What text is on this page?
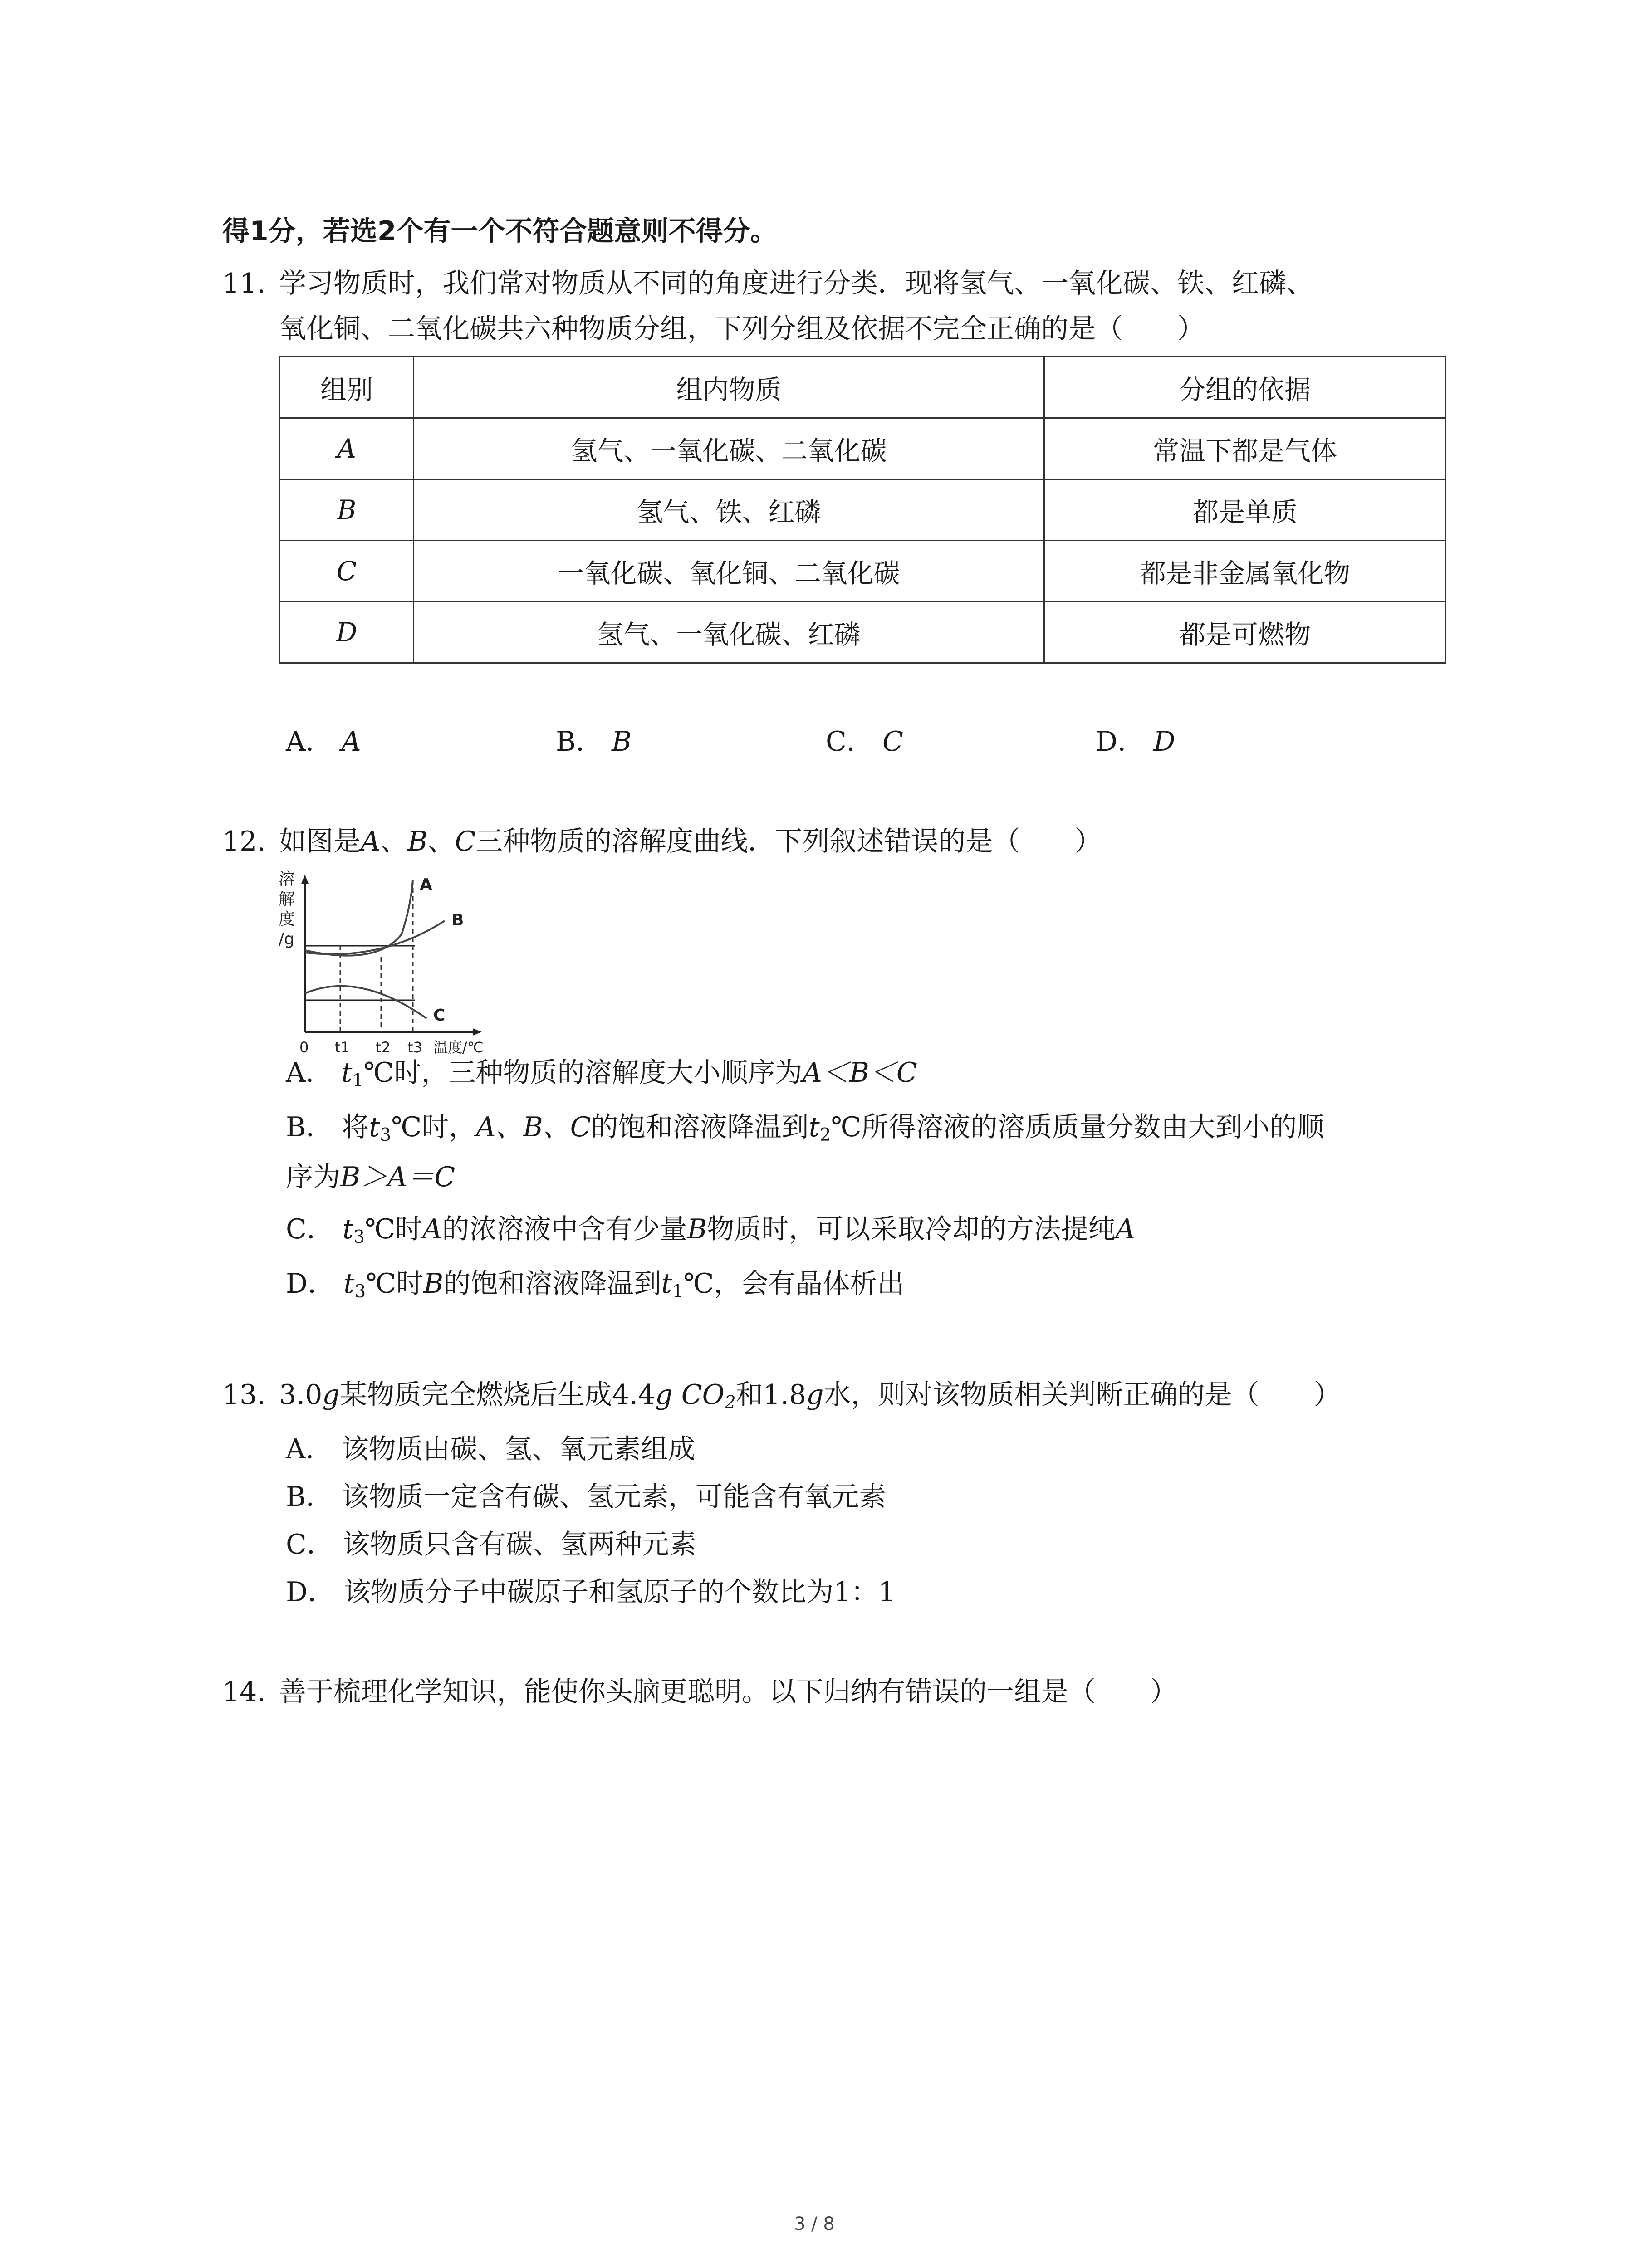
得1分，若选2个有一个不符合题意则不得分。
11. 学习物质时，我们常对物质从不同的角度进行分类．现将氢气、一氧化碳、铁、红磷、
氧化铜、二氧化碳共六种物质分组，下列分组及依据不完全正确的是（　　）
组别	组内物质	分组的依据
A	氢气、一氧化碳、二氧化碳	常温下都是气体
B	氢气、铁、红磷	都是单质
C	一氧化碳、氧化铜、二氧化碳	都是非金属氧化物
D	氢气、一氧化碳、红磷	都是可燃物
A． A	B． B	C． C	D． D
12. 如图是A、B、C三种物质的溶解度曲线．下列叙述错误的是（　　）
溶
解
度
/g
A
B
C
0 t1 t2 t3 温度/℃
A． $t_1℃$时，三种物质的溶解度大小顺序为A＜B＜C
B． 将$t_3℃$时，A、B、C的饱和溶液降温到$t_2℃$所得溶液的溶质质量分数由大到小的顺
序为B＞A＝C
C． $t_3℃$时A的浓溶液中含有少量B物质时，可以采取冷却的方法提纯A
D． $t_3℃$时B的饱和溶液降温到$t_1℃$，会有晶体析出
13. 3.0g某物质完全燃烧后生成4.4g $CO_2$和1.8g水，则对该物质相关判断正确的是（　　）
A． 该物质由碳、氢、氧元素组成
B． 该物质一定含有碳、氢元素，可能含有氧元素
C． 该物质只含有碳、氢两种元素
D． 该物质分子中碳原子和氢原子的个数比为1：1
14. 善于梳理化学知识，能使你头脑更聪明。以下归纳有错误的一组是（　　）
3 / 8
